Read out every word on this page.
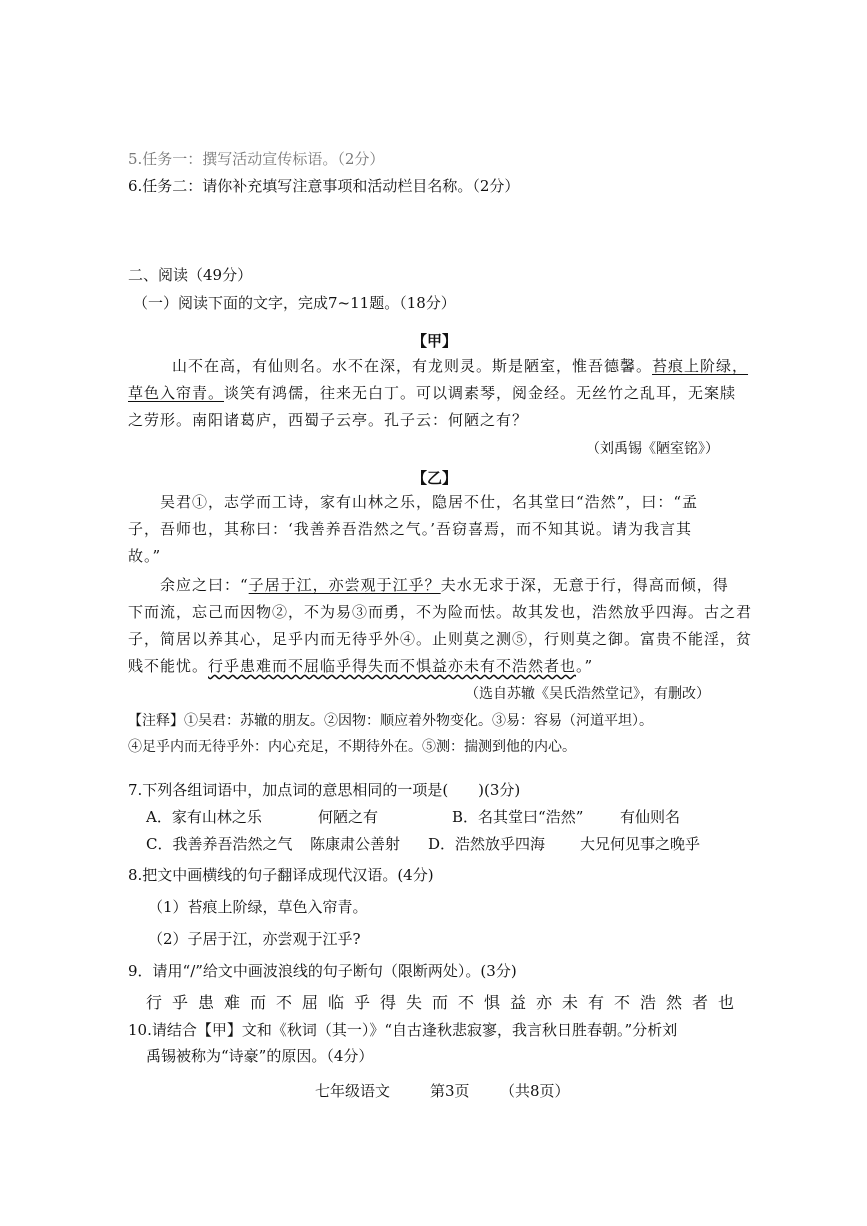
5.任务一：撰写活动宣传标语。（2分）
6.任务二：请你补充填写注意事项和活动栏目名称。（2分）
二、阅读（49分）
（一）阅读下面的文字，完成7~11题。（18分）
【甲】
山不在高，有仙则名。水不在深，有龙则灵。斯是陋室，惟吾德馨。苔痕上阶绿，
草色入帘青。谈笑有鸿儒，往来无白丁。可以调素琴，阅金经。无丝竹之乱耳，无案牍
之劳形。南阳诸葛庐，西蜀子云亭。孔子云：何陋之有？
（刘禹锡《陋室铭》）
【乙】
吴君①，志学而工诗，家有山林之乐，隐居不仕，名其堂曰“浩然”，曰：“孟
子，吾师也，其称曰：‘我善养吾浩然之气。’吾窃喜焉，而不知其说。请为我言其
故。”
余应之曰：“子居于江，亦尝观于江乎？夫水无求于深，无意于行，得高而倾，得
下而流，忘己而因物②，不为易③而勇，不为险而怯。故其发也，浩然放乎四海。古之君
子，简居以养其心，足乎内而无待乎外④。止则莫之测⑤，行则莫之御。富贵不能淫，贫
贱不能忧。行乎患难而不屈临乎得失而不惧益亦未有不浩然者也。”
（选自苏辙《吴氏浩然堂记》，有删改）
【注释】①吴君：苏辙的朋友。②因物：顺应着外物变化。③易：容易（河道平坦）。
④足乎内而无待乎外：内心充足，不期待外在。⑤测：揣测到他的内心。
7.下列各组词语中，加点词的意思相同的一项是(　　)(3分)
A．家有山林之乐	何陋之有	B．名其堂曰“浩然” 有仙则名
C．我善养吾浩然之气 陈康肃公善射 D．浩然放乎四海 大兄何见事之晚乎
8.把文中画横线的句子翻译成现代汉语。(4分)
（1）苔痕上阶绿，草色入帘青。
（2）子居于江，亦尝观于江乎?
9．请用“/”给文中画波浪线的句子断句（限断两处）。(3分)
行乎患难而不屈临乎得失而不惧益亦未有不浩然者也
10.请结合【甲】文和《秋词（其一）》“自古逢秋悲寂寥，我言秋日胜春朝。”分析刘
禹锡被称为“诗豪”的原因。（4分）
七年级语文	第3页 （共8页）
